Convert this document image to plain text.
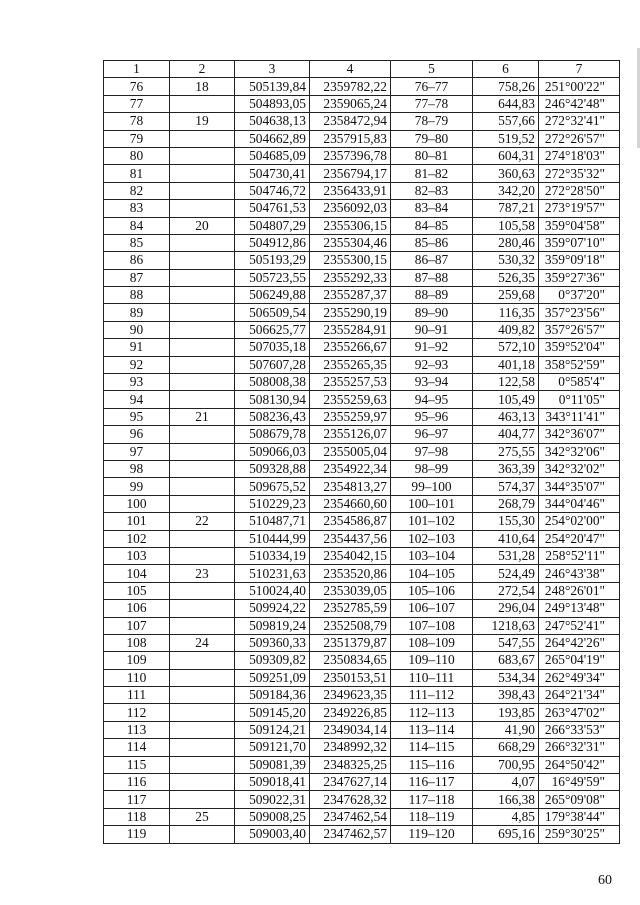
1	2	3	4	5	6	7
76	18	505139,84	2359782,22	76–77	758,26	251°00'22"
77		504893,05	2359065,24	77–78	644,83	246°42'48"
78	19	504638,13	2358472,94	78–79	557,66	272°32'41"
79		504662,89	2357915,83	79–80	519,52	272°26'57"
80		504685,09	2357396,78	80–81	604,31	274°18'03"
81		504730,41	2356794,17	81–82	360,63	272°35'32"
82		504746,72	2356433,91	82–83	342,20	272°28'50"
83		504761,53	2356092,03	83–84	787,21	273°19'57"
84	20	504807,29	2355306,15	84–85	105,58	359°04'58"
85		504912,86	2355304,46	85–86	280,46	359°07'10"
86		505193,29	2355300,15	86–87	530,32	359°09'18"
87		505723,55	2355292,33	87–88	526,35	359°27'36"
88		506249,88	2355287,37	88–89	259,68	0°37'20"
89		506509,54	2355290,19	89–90	116,35	357°23'56"
90		506625,77	2355284,91	90–91	409,82	357°26'57"
91		507035,18	2355266,67	91–92	572,10	359°52'04"
92		507607,28	2355265,35	92–93	401,18	358°52'59"
93		508008,38	2355257,53	93–94	122,58	0°585'4"
94		508130,94	2355259,63	94–95	105,49	0°11'05"
95	21	508236,43	2355259,97	95–96	463,13	343°11'41"
96		508679,78	2355126,07	96–97	404,77	342°36'07"
97		509066,03	2355005,04	97–98	275,55	342°32'06"
98		509328,88	2354922,34	98–99	363,39	342°32'02"
99		509675,52	2354813,27	99–100	574,37	344°35'07"
100		510229,23	2354660,60	100–101	268,79	344°04'46"
101	22	510487,71	2354586,87	101–102	155,30	254°02'00"
102		510444,99	2354437,56	102–103	410,64	254°20'47"
103		510334,19	2354042,15	103–104	531,28	258°52'11"
104	23	510231,63	2353520,86	104–105	524,49	246°43'38"
105		510024,40	2353039,05	105–106	272,54	248°26'01"
106		509924,22	2352785,59	106–107	296,04	249°13'48"
107		509819,24	2352508,79	107–108	1218,63	247°52'41"
108	24	509360,33	2351379,87	108–109	547,55	264°42'26"
109		509309,82	2350834,65	109–110	683,67	265°04'19"
110		509251,09	2350153,51	110–111	534,34	262°49'34"
111		509184,36	2349623,35	111–112	398,43	264°21'34"
112		509145,20	2349226,85	112–113	193,85	263°47'02"
113		509124,21	2349034,14	113–114	41,90	266°33'53"
114		509121,70	2348992,32	114–115	668,29	266°32'31"
115		509081,39	2348325,25	115–116	700,95	264°50'42"
116		509018,41	2347627,14	116–117	4,07	16°49'59"
117		509022,31	2347628,32	117–118	166,38	265°09'08"
118	25	509008,25	2347462,54	118–119	4,85	179°38'44"
119		509003,40	2347462,57	119–120	695,16	259°30'25"
60
